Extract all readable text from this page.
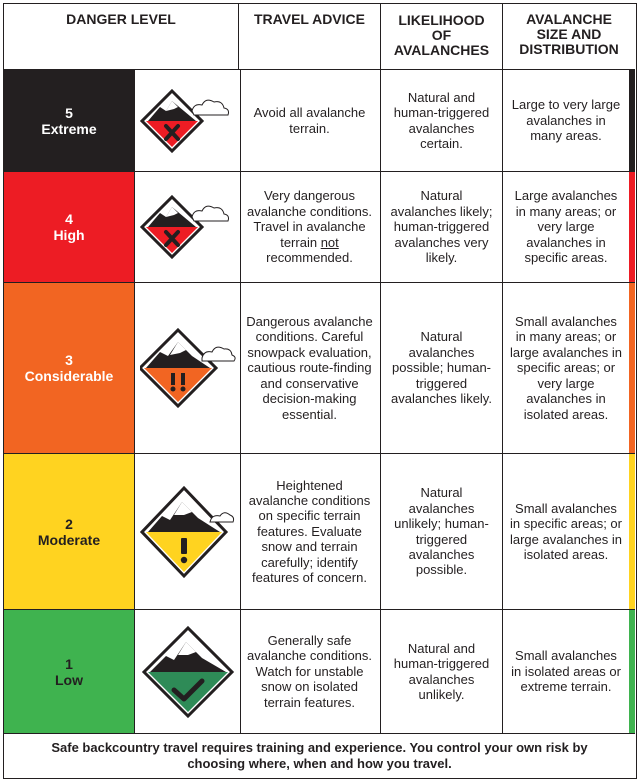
DANGER LEVEL	TRAVEL ADVICE	LIKELIHOOD OF AVALANCHES
AVALANCHE SIZE AND DISTRIBUTION
5
Extreme
Avoid all avalanche terrain.
Natural and human-triggered avalanches certain.
Large to very large avalanches in many areas.
4
High
Very dangerous avalanche conditions. Travel in avalanche terrain not recommended.
Natural avalanches likely; human-triggered avalanches very likely.
Large avalanches in many areas; or very large avalanches in specific areas.
3
Considerable
Dangerous avalanche conditions. Careful snowpack evaluation, cautious route-finding and conservative decision-making essential.
Natural avalanches possible; human-triggered avalanches likely.
Small avalanches in many areas; or large avalanches in specific areas; or very large avalanches in isolated areas.
2
Moderate
Heightened avalanche conditions on specific terrain features. Evaluate snow and terrain carefully; identify features of concern.
Natural avalanches unlikely; human-triggered avalanches possible.
Small avalanches in specific areas; or large avalanches in isolated areas.
1
Low
Generally safe avalanche conditions. Watch for unstable snow on isolated terrain features.
Natural and human-triggered avalanches unlikely.
Small avalanches in isolated areas or extreme terrain.
Safe backcountry travel requires training and experience. You control your own risk by
choosing where, when and how you travel.
